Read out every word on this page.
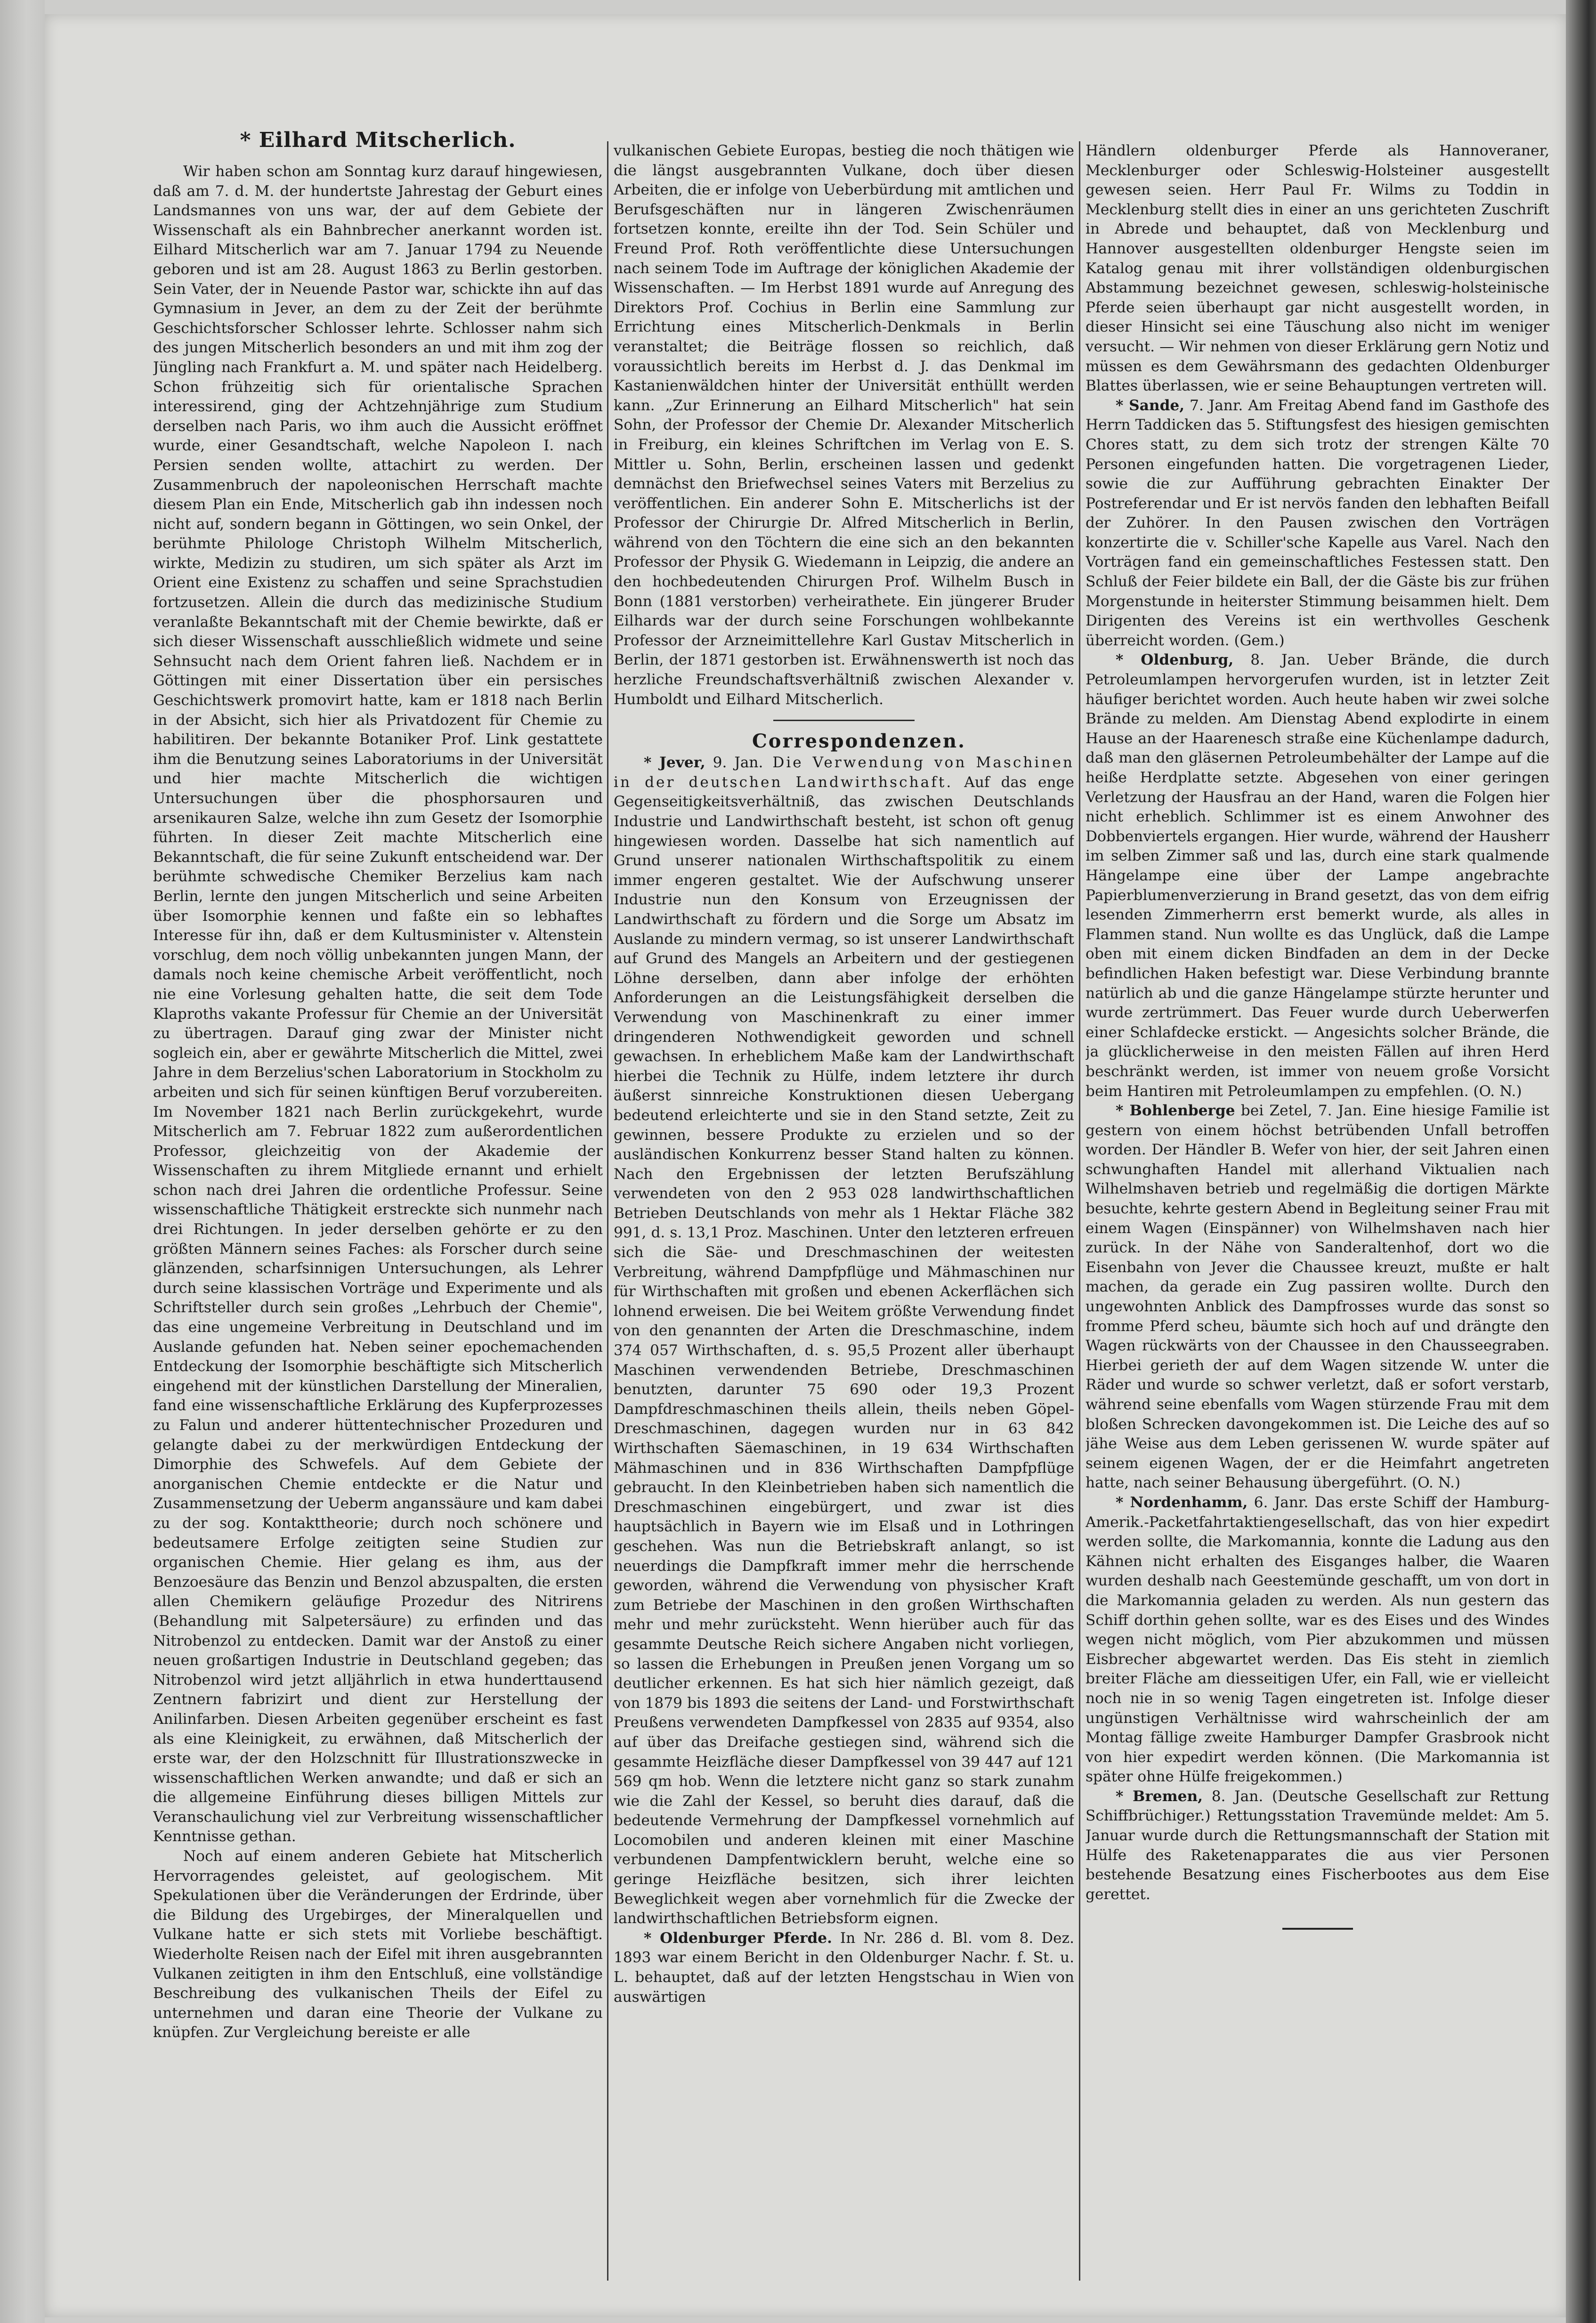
* Eilhard Mitscherlich.

Wir haben schon am Sonntag kurz darauf hingewiesen, daß am 7. d. M. der hundertste Jahrestag der Geburt eines Landsmannes von uns war, der auf dem Gebiete der Wissenschaft als ein Bahnbrecher anerkannt worden ist. Eilhard Mitscherlich war am 7. Januar 1794 zu Neuende geboren und ist am 28. August 1863 zu Berlin gestorben. Sein Vater, der in Neuende Pastor war, schickte ihn auf das Gymnasium in Jever, an dem zu der Zeit der berühmte Geschichtsforscher Schlosser lehrte. Schlosser nahm sich des jungen Mitscherlich besonders an und mit ihm zog der Jüngling nach Frankfurt a. M. und später nach Heidelberg. Schon frühzeitig sich für orientalische Sprachen interessirend, ging der Achtzehnjährige zum Studium derselben nach Paris, wo ihm auch die Aussicht eröffnet wurde, einer Gesandtschaft, welche Napoleon I. nach Persien senden wollte, attachirt zu werden. Der Zusammenbruch der napoleonischen Herrschaft machte diesem Plan ein Ende, Mitscherlich gab ihn indessen noch nicht auf, sondern begann in Göttingen, wo sein Onkel, der berühmte Philologe Christoph Wilhelm Mitscherlich, wirkte, Medizin zu studiren, um sich später als Arzt im Orient eine Existenz zu schaffen und seine Sprachstudien fortzusetzen. Allein die durch das medizinische Studium veranlaßte Bekanntschaft mit der Chemie bewirkte, daß er sich dieser Wissenschaft ausschließlich widmete und seine Sehnsucht nach dem Orient fahren ließ. Nachdem er in Göttingen mit einer Dissertation über ein persisches Geschichtswerk promovirt hatte, kam er 1818 nach Berlin in der Absicht, sich hier als Privatdozent für Chemie zu habilitiren. Der bekannte Botaniker Prof. Link gestattete ihm die Benutzung seines Laboratoriums in der Universität und hier machte Mitscherlich die wichtigen Untersuchungen über die phosphorsauren und arsenikauren Salze, welche ihn zum Gesetz der Isomorphie führten. In dieser Zeit machte Mitscherlich eine Bekanntschaft, die für seine Zukunft entscheidend war. Der berühmte schwedische Chemiker Berzelius kam nach Berlin, lernte den jungen Mitscherlich und seine Arbeiten über Isomorphie kennen und faßte ein so lebhaftes Interesse für ihn, daß er dem Kultusminister v. Altenstein vorschlug, dem noch völlig unbekannten jungen Mann, der damals noch keine chemische Arbeit veröffentlicht, noch nie eine Vorlesung gehalten hatte, die seit dem Tode Klaproths vakante Professur für Chemie an der Universität zu übertragen. Darauf ging zwar der Minister nicht sogleich ein, aber er gewährte Mitscherlich die Mittel, zwei Jahre in dem Berzelius'schen Laboratorium in Stockholm zu arbeiten und sich für seinen künftigen Beruf vorzubereiten. Im November 1821 nach Berlin zurückgekehrt, wurde Mitscherlich am 7. Februar 1822 zum außerordentlichen Professor, gleichzeitig von der Akademie der Wissenschaften zu ihrem Mitgliede ernannt und erhielt schon nach drei Jahren die ordentliche Professur. Seine wissenschaftliche Thätigkeit erstreckte sich nunmehr nach drei Richtungen. In jeder derselben gehörte er zu den größten Männern seines Faches: als Forscher durch seine glänzenden, scharfsinnigen Untersuchungen, als Lehrer durch seine klassischen Vorträge und Experimente und als Schriftsteller durch sein großes „Lehrbuch der Chemie", das eine ungemeine Verbreitung in Deutschland und im Auslande gefunden hat. Neben seiner epochemachenden Entdeckung der Isomorphie beschäftigte sich Mitscherlich eingehend mit der künstlichen Darstellung der Mineralien, fand eine wissenschaftliche Erklärung des Kupferprozesses zu Falun und anderer hüttentechnischer Prozeduren und gelangte dabei zu der merkwürdigen Entdeckung der Dimorphie des Schwefels. Auf dem Gebiete der anorganischen Chemie entdeckte er die Natur und Zusammensetzung der Ueberm anganssäure und kam dabei zu der sog. Kontakttheorie; durch noch schönere und bedeutsamere Erfolge zeitigten seine Studien zur organischen Chemie. Hier gelang es ihm, aus der Benzoesäure das Benzin und Benzol abzuspalten, die ersten allen Chemikern geläufige Prozedur des Nitrirens (Behandlung mit Salpetersäure) zu erfinden und das Nitrobenzol zu entdecken. Damit war der Anstoß zu einer neuen großartigen Industrie in Deutschland gegeben; das Nitrobenzol wird jetzt alljährlich in etwa hunderttausend Zentnern fabrizirt und dient zur Herstellung der Anilinfarben. Diesen Arbeiten gegenüber erscheint es fast als eine Kleinigkeit, zu erwähnen, daß Mitscherlich der erste war, der den Holzschnitt für Illustrationszwecke in wissenschaftlichen Werken anwandte; und daß er sich an die allgemeine Einführung dieses billigen Mittels zur Veranschaulichung viel zur Verbreitung wissenschaftlicher Kenntnisse gethan.

Noch auf einem anderen Gebiete hat Mitscherlich Hervorragendes geleistet, auf geologischem. Mit Spekulationen über die Veränderungen der Erdrinde, über die Bildung des Urgebirges, der Mineralquellen und Vulkane hatte er sich stets mit Vorliebe beschäftigt. Wiederholte Reisen nach der Eifel mit ihren ausgebrannten Vulkanen zeitigten in ihm den Entschluß, eine vollständige Beschreibung des vulkanischen Theils der Eifel zu unternehmen und daran eine Theorie der Vulkane zu knüpfen. Zur Vergleichung bereiste er alle

vulkanischen Gebiete Europas, bestieg die noch thätigen wie die längst ausgebrannten Vulkane, doch über diesen Arbeiten, die er infolge von Ueberbürdung mit amtlichen und Berufsgeschäften nur in längeren Zwischenräumen fortsetzen konnte, ereilte ihn der Tod. Sein Schüler und Freund Prof. Roth veröffentlichte diese Untersuchungen nach seinem Tode im Auftrage der königlichen Akademie der Wissenschaften. — Im Herbst 1891 wurde auf Anregung des Direktors Prof. Cochius in Berlin eine Sammlung zur Errichtung eines Mitscherlich-Denkmals in Berlin veranstaltet; die Beiträge flossen so reichlich, daß voraussichtlich bereits im Herbst d. J. das Denkmal im Kastanienwäldchen hinter der Universität enthüllt werden kann. „Zur Erinnerung an Eilhard Mitscherlich" hat sein Sohn, der Professor der Chemie Dr. Alexander Mitscherlich in Freiburg, ein kleines Schriftchen im Verlag von E. S. Mittler u. Sohn, Berlin, erscheinen lassen und gedenkt demnächst den Briefwechsel seines Vaters mit Berzelius zu veröffentlichen. Ein anderer Sohn E. Mitscherlichs ist der Professor der Chirurgie Dr. Alfred Mitscherlich in Berlin, während von den Töchtern die eine sich an den bekannten Professor der Physik G. Wiedemann in Leipzig, die andere an den hochbedeutenden Chirurgen Prof. Wilhelm Busch in Bonn (1881 verstorben) verheirathete. Ein jüngerer Bruder Eilhards war der durch seine Forschungen wohlbekannte Professor der Arzneimittellehre Karl Gustav Mitscherlich in Berlin, der 1871 gestorben ist. Erwähnenswerth ist noch das herzliche Freundschaftsverhältniß zwischen Alexander v. Humboldt und Eilhard Mitscherlich.

Correspondenzen.

* Jever, 9. Jan. Die Verwendung von Maschinen in der deutschen Landwirthschaft. Auf das enge Gegenseitigkeitsverhältniß, das zwischen Deutschlands Industrie und Landwirthschaft besteht, ist schon oft genug hingewiesen worden. Dasselbe hat sich namentlich auf Grund unserer nationalen Wirthschaftspolitik zu einem immer engeren gestaltet. Wie der Aufschwung unserer Industrie nun den Konsum von Erzeugnissen der Landwirthschaft zu fördern und die Sorge um Absatz im Auslande zu mindern vermag, so ist unserer Landwirthschaft auf Grund des Mangels an Arbeitern und der gestiegenen Löhne derselben, dann aber infolge der erhöhten Anforderungen an die Leistungsfähigkeit derselben die Verwendung von Maschinenkraft zu einer immer dringenderen Nothwendigkeit geworden und schnell gewachsen. In erheblichem Maße kam der Landwirthschaft hierbei die Technik zu Hülfe, indem letztere ihr durch äußerst sinnreiche Konstruktionen diesen Uebergang bedeutend erleichterte und sie in den Stand setzte, Zeit zu gewinnen, bessere Produkte zu erzielen und so der ausländischen Konkurrenz besser Stand halten zu können. Nach den Ergebnissen der letzten Berufszählung verwendeten von den 2 953 028 landwirthschaftlichen Betrieben Deutschlands von mehr als 1 Hektar Fläche 382 991, d. s. 13,1 Proz. Maschinen. Unter den letzteren erfreuen sich die Säe- und Dreschmaschinen der weitesten Verbreitung, während Dampfpflüge und Mähmaschinen nur für Wirthschaften mit großen und ebenen Ackerflächen sich lohnend erweisen. Die bei Weitem größte Verwendung findet von den genannten der Arten die Dreschmaschine, indem 374 057 Wirthschaften, d. s. 95,5 Prozent aller überhaupt Maschinen verwendenden Betriebe, Dreschmaschinen benutzten, darunter 75 690 oder 19,3 Prozent Dampfdreschmaschinen theils allein, theils neben Göpel-Dreschmaschinen, dagegen wurden nur in 63 842 Wirthschaften Säemaschinen, in 19 634 Wirthschaften Mähmaschinen und in 836 Wirthschaften Dampfpflüge gebraucht. In den Kleinbetrieben haben sich namentlich die Dreschmaschinen eingebürgert, und zwar ist dies hauptsächlich in Bayern wie im Elsaß und in Lothringen geschehen. Was nun die Betriebskraft anlangt, so ist neuerdings die Dampfkraft immer mehr die herrschende geworden, während die Verwendung von physischer Kraft zum Betriebe der Maschinen in den großen Wirthschaften mehr und mehr zurücksteht. Wenn hierüber auch für das gesammte Deutsche Reich sichere Angaben nicht vorliegen, so lassen die Erhebungen in Preußen jenen Vorgang um so deutlicher erkennen. Es hat sich hier nämlich gezeigt, daß von 1879 bis 1893 die seitens der Land- und Forstwirthschaft Preußens verwendeten Dampfkessel von 2835 auf 9354, also auf über das Dreifache gestiegen sind, während sich die gesammte Heizfläche dieser Dampfkessel von 39 447 auf 121 569 qm hob. Wenn die letztere nicht ganz so stark zunahm wie die Zahl der Kessel, so beruht dies darauf, daß die bedeutende Vermehrung der Dampfkessel vornehmlich auf Locomobilen und anderen kleinen mit einer Maschine verbundenen Dampfentwicklern beruht, welche eine so geringe Heizfläche besitzen, sich ihrer leichten Beweglichkeit wegen aber vornehmlich für die Zwecke der landwirthschaftlichen Betriebsform eignen.

* Oldenburger Pferde. In Nr. 286 d. Bl. vom 8. Dez. 1893 war einem Bericht in den Oldenburger Nachr. f. St. u. L. behauptet, daß auf der letzten Hengstschau in Wien von auswärtigen

Händlern oldenburger Pferde als Hannoveraner, Mecklenburger oder Schleswig-Holsteiner ausgestellt gewesen seien. Herr Paul Fr. Wilms zu Toddin in Mecklenburg stellt dies in einer an uns gerichteten Zuschrift in Abrede und behauptet, daß von Mecklenburg und Hannover ausgestellten oldenburger Hengste seien im Katalog genau mit ihrer vollständigen oldenburgischen Abstammung bezeichnet gewesen, schleswig-holsteinische Pferde seien überhaupt gar nicht ausgestellt worden, in dieser Hinsicht sei eine Täuschung also nicht im weniger versucht. — Wir nehmen von dieser Erklärung gern Notiz und müssen es dem Gewährsmann des gedachten Oldenburger Blattes überlassen, wie er seine Behauptungen vertreten will.

* Sande, 7. Janr. Am Freitag Abend fand im Gasthofe des Herrn Taddicken das 5. Stiftungsfest des hiesigen gemischten Chores statt, zu dem sich trotz der strengen Kälte 70 Personen eingefunden hatten. Die vorgetragenen Lieder, sowie die zur Aufführung gebrachten Einakter Der Postreferendar und Er ist nervös fanden den lebhaften Beifall der Zuhörer. In den Pausen zwischen den Vorträgen konzertirte die v. Schiller'sche Kapelle aus Varel. Nach den Vorträgen fand ein gemeinschaftliches Festessen statt. Den Schluß der Feier bildete ein Ball, der die Gäste bis zur frühen Morgenstunde in heiterster Stimmung beisammen hielt. Dem Dirigenten des Vereins ist ein werthvolles Geschenk überreicht worden. (Gem.)

* Oldenburg, 8. Jan. Ueber Brände, die durch Petroleumlampen hervorgerufen wurden, ist in letzter Zeit häufiger berichtet worden. Auch heute haben wir zwei solche Brände zu melden. Am Dienstag Abend explodirte in einem Hause an der Haarenesch straße eine Küchenlampe dadurch, daß man den gläsernen Petroleumbehälter der Lampe auf die heiße Herdplatte setzte. Abgesehen von einer geringen Verletzung der Hausfrau an der Hand, waren die Folgen hier nicht erheblich. Schlimmer ist es einem Anwohner des Dobbenviertels ergangen. Hier wurde, während der Hausherr im selben Zimmer saß und las, durch eine stark qualmende Hängelampe eine über der Lampe angebrachte Papierblumenverzierung in Brand gesetzt, das von dem eifrig lesenden Zimmerherrn erst bemerkt wurde, als alles in Flammen stand. Nun wollte es das Unglück, daß die Lampe oben mit einem dicken Bindfaden an dem in der Decke befindlichen Haken befestigt war. Diese Verbindung brannte natürlich ab und die ganze Hängelampe stürzte herunter und wurde zertrümmert. Das Feuer wurde durch Ueberwerfen einer Schlafdecke erstickt. — Angesichts solcher Brände, die ja glücklicherweise in den meisten Fällen auf ihren Herd beschränkt werden, ist immer von neuem große Vorsicht beim Hantiren mit Petroleumlampen zu empfehlen. (O. N.)

* Bohlenberge bei Zetel, 7. Jan. Eine hiesige Familie ist gestern von einem höchst betrübenden Unfall betroffen worden. Der Händler B. Wefer von hier, der seit Jahren einen schwunghaften Handel mit allerhand Viktualien nach Wilhelmshaven betrieb und regelmäßig die dortigen Märkte besuchte, kehrte gestern Abend in Begleitung seiner Frau mit einem Wagen (Einspänner) von Wilhelmshaven nach hier zurück. In der Nähe von Sanderaltenhof, dort wo die Eisenbahn von Jever die Chaussee kreuzt, mußte er halt machen, da gerade ein Zug passiren wollte. Durch den ungewohnten Anblick des Dampfrosses wurde das sonst so fromme Pferd scheu, bäumte sich hoch auf und drängte den Wagen rückwärts von der Chaussee in den Chausseegraben. Hierbei gerieth der auf dem Wagen sitzende W. unter die Räder und wurde so schwer verletzt, daß er sofort verstarb, während seine ebenfalls vom Wagen stürzende Frau mit dem bloßen Schrecken davongekommen ist. Die Leiche des auf so jähe Weise aus dem Leben gerissenen W. wurde später auf seinem eigenen Wagen, der er die Heimfahrt angetreten hatte, nach seiner Behausung übergeführt. (O. N.)

* Nordenhamm, 6. Janr. Das erste Schiff der Hamburg-Amerik.-Packetfahrtaktiengesellschaft, das von hier expedirt werden sollte, die Markomannia, konnte die Ladung aus den Kähnen nicht erhalten des Eisganges halber, die Waaren wurden deshalb nach Geestemünde geschafft, um von dort in die Markomannia geladen zu werden. Als nun gestern das Schiff dorthin gehen sollte, war es des Eises und des Windes wegen nicht möglich, vom Pier abzukommen und müssen Eisbrecher abgewartet werden. Das Eis steht in ziemlich breiter Fläche am diesseitigen Ufer, ein Fall, wie er vielleicht noch nie in so wenig Tagen eingetreten ist. Infolge dieser ungünstigen Verhältnisse wird wahrscheinlich der am Montag fällige zweite Hamburger Dampfer Grasbrook nicht von hier expedirt werden können. (Die Markomannia ist später ohne Hülfe freigekommen.)

* Bremen, 8. Jan. (Deutsche Gesellschaft zur Rettung Schiffbrüchiger.) Rettungsstation Travemünde meldet: Am 5. Januar wurde durch die Rettungsmannschaft der Station mit Hülfe des Raketenapparates die aus vier Personen bestehende Besatzung eines Fischerbootes aus dem Eise gerettet.
